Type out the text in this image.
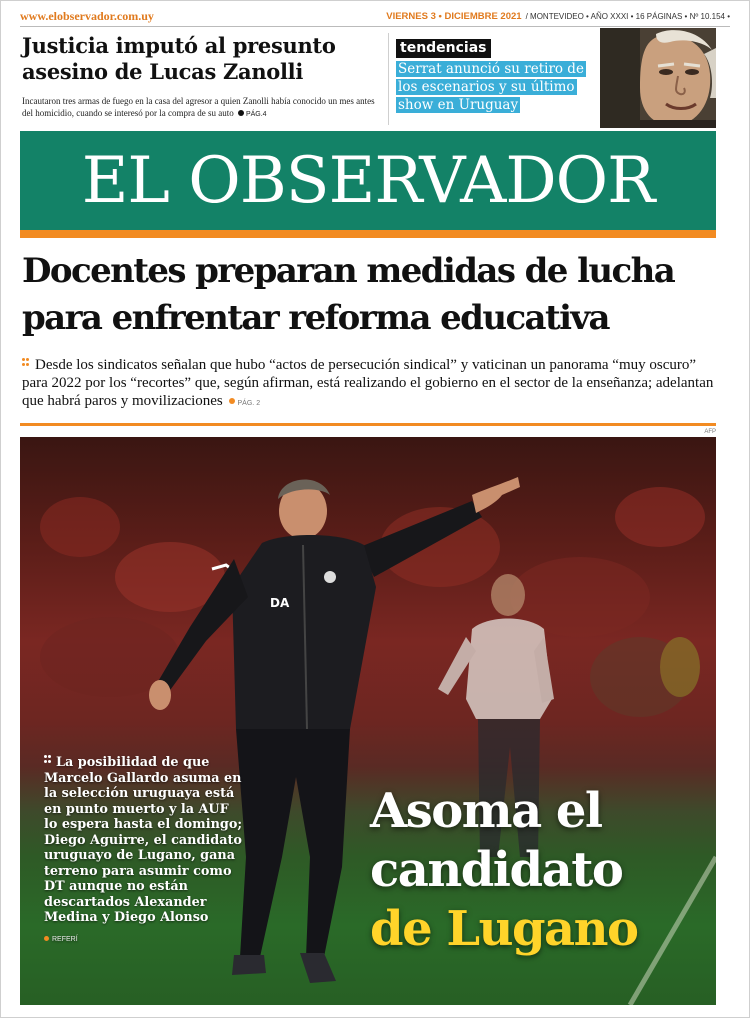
www.elobservador.com.uy	VIERNES 3 • DICIEMBRE 2021 / MONTEVIDEO • AÑO XXXI • 16 PÁGINAS • Nº 10.154 •
Justicia imputó al presunto asesino de Lucas Zanolli

Incautaron tres armas de fuego en la casa del agresor a quien Zanolli había conocido un mes antes del homicidio, cuando se interesó por la compra de su auto PÁG.4

tendencias
Serrat anunció su retiro de los escenarios y su último show en Uruguay
EL OBSERVADOR
Docentes preparan medidas de lucha para enfrentar reforma educativa

Desde los sindicatos señalan que hubo “actos de persecución sindical” y vaticinan un panorama “muy oscuro” para 2022 por los “recortes” que, según afirman, está realizando el gobierno en el sector de la enseñanza; adelantan que habrá paros y movilizaciones PÁG. 2

AFP
DA
La posibilidad de que Marcelo Gallardo asuma en la selección uruguaya está en punto muerto y la AUF lo espera hasta el domingo; Diego Aguirre, el candidato uruguayo de Lugano, gana terreno para asumir como DT aunque no están descartados Alexander Medina y Diego Alonso
REFERÍ
Asoma el
candidato
de Lugano
